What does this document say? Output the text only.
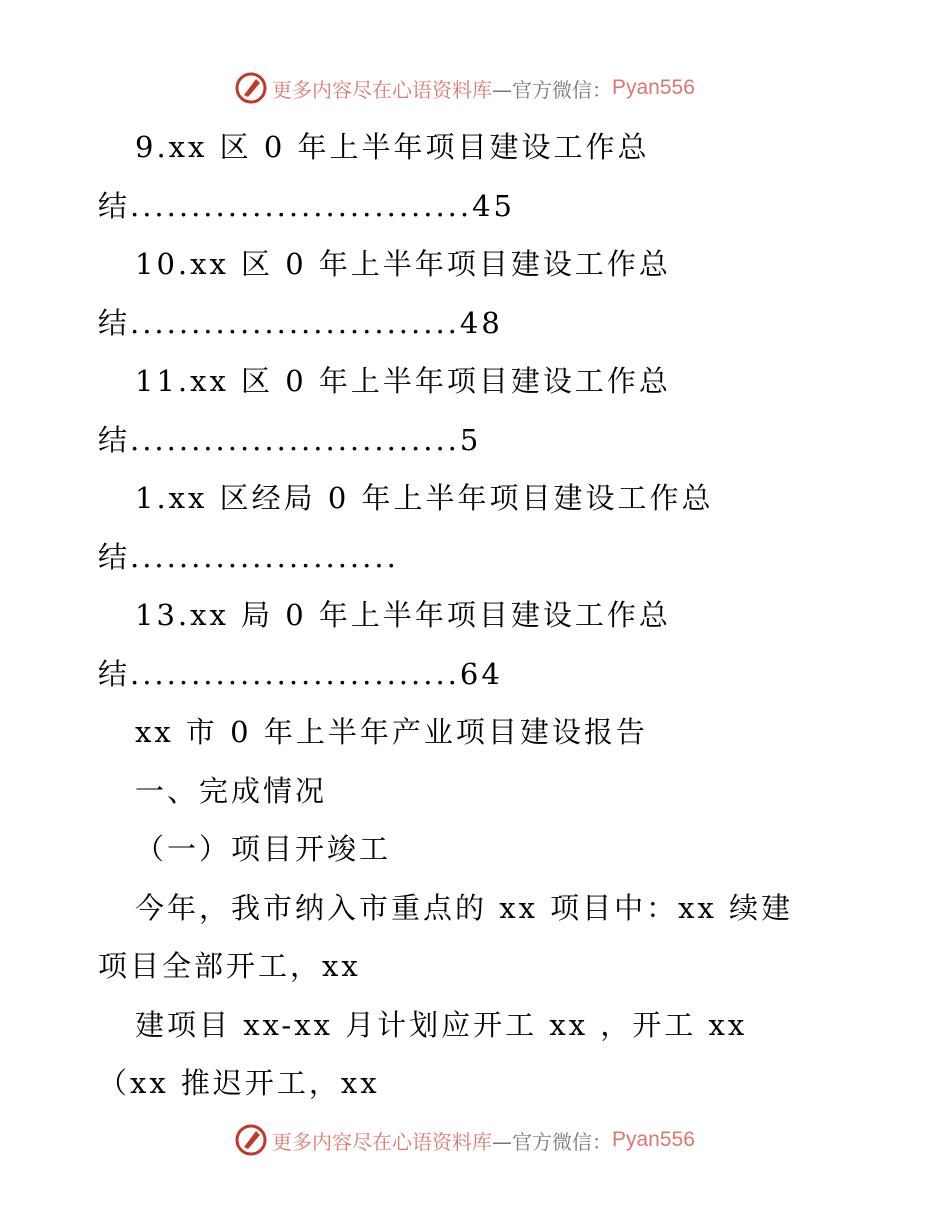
更多内容尽在心语资料库 —官方微信： Pyan556
9.xx 区 0 年上半年项目建设工作总
结............................45
10.xx 区 0 年上半年项目建设工作总
结...........................48
11.xx 区 0 年上半年项目建设工作总
结...........................5
1.xx 区经局 0 年上半年项目建设工作总
结......................
13.xx 局 0 年上半年项目建设工作总
结...........................64
xx 市 0 年上半年产业项目建设报告
一、完成情况
（一）项目开竣工
今年，我市纳入市重点的 xx 项目中：xx 续建
项目全部开工，xx
建项目 xx-xx 月计划应开工 xx ，开工 xx
（xx 推迟开工，xx
更多内容尽在心语资料库 —官方微信： Pyan556
